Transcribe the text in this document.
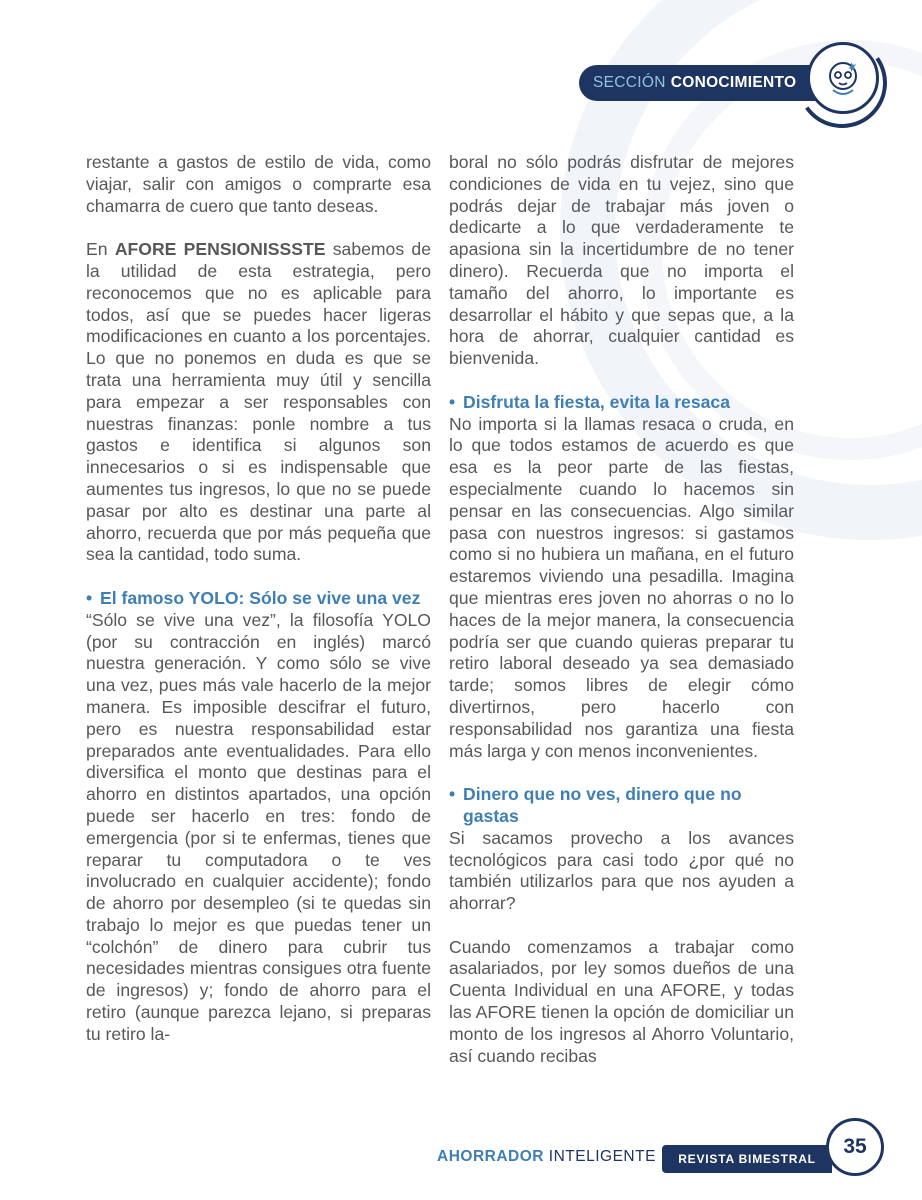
SECCIÓN CONOCIMIENTO

restante a gastos de estilo de vida, como viajar, salir con amigos o comprarte esa chamarra de cuero que tanto deseas.

En AFORE PENSIONISSSTE sabemos de la utilidad de esta estrategia, pero reconocemos que no es aplicable para todos, así que se puedes hacer ligeras modificaciones en cuanto a los porcentajes. Lo que no ponemos en duda es que se trata una herramienta muy útil y sencilla para empezar a ser responsables con nuestras finanzas: ponle nombre a tus gastos e identifica si algunos son innecesarios o si es indispensable que aumentes tus ingresos, lo que no se puede pasar por alto es destinar una parte al ahorro, recuerda que por más pequeña que sea la cantidad, todo suma.

• El famoso YOLO: Sólo se vive una vez

“Sólo se vive una vez”, la filosofía YOLO (por su contracción en inglés) marcó nuestra generación. Y como sólo se vive una vez, pues más vale hacerlo de la mejor manera. Es imposible descifrar el futuro, pero es nuestra responsabilidad estar preparados ante eventualidades. Para ello diversifica el monto que destinas para el ahorro en distintos apartados, una opción puede ser hacerlo en tres: fondo de emergencia (por si te enfermas, tienes que reparar tu computadora o te ves involucrado en cualquier accidente); fondo de ahorro por desempleo (si te quedas sin trabajo lo mejor es que puedas tener un “colchón” de dinero para cubrir tus necesidades mientras consigues otra fuente de ingresos) y; fondo de ahorro para el retiro (aunque parezca lejano, si preparas tu retiro la-

boral no sólo podrás disfrutar de mejores condiciones de vida en tu vejez, sino que podrás dejar de trabajar más joven o dedicarte a lo que verdaderamente te apasiona sin la incertidumbre de no tener dinero). Recuerda que no importa el tamaño del ahorro, lo importante es desarrollar el hábito y que sepas que, a la hora de ahorrar, cualquier cantidad es bienvenida.

• Disfruta la fiesta, evita la resaca

No importa si la llamas resaca o cruda, en lo que todos estamos de acuerdo es que esa es la peor parte de las fiestas, especialmente cuando lo hacemos sin pensar en las consecuencias. Algo similar pasa con nuestros ingresos: si gastamos como si no hubiera un mañana, en el futuro estaremos viviendo una pesadilla. Imagina que mientras eres joven no ahorras o no lo haces de la mejor manera, la consecuencia podría ser que cuando quieras preparar tu retiro laboral deseado ya sea demasiado tarde; somos libres de elegir cómo divertirnos, pero hacerlo con responsabilidad nos garantiza una fiesta más larga y con menos inconvenientes.

• Dinero que no ves, dinero que no gastas

Si sacamos provecho a los avances tecnológicos para casi todo ¿por qué no también utilizarlos para que nos ayuden a ahorrar?

Cuando comenzamos a trabajar como asalariados, por ley somos dueños de una Cuenta Individual en una AFORE, y todas las AFORE tienen la opción de domiciliar un monto de los ingresos al Ahorro Voluntario, así cuando recibas

AHORRADOR INTELIGENTE	REVISTA BIMESTRAL
35
